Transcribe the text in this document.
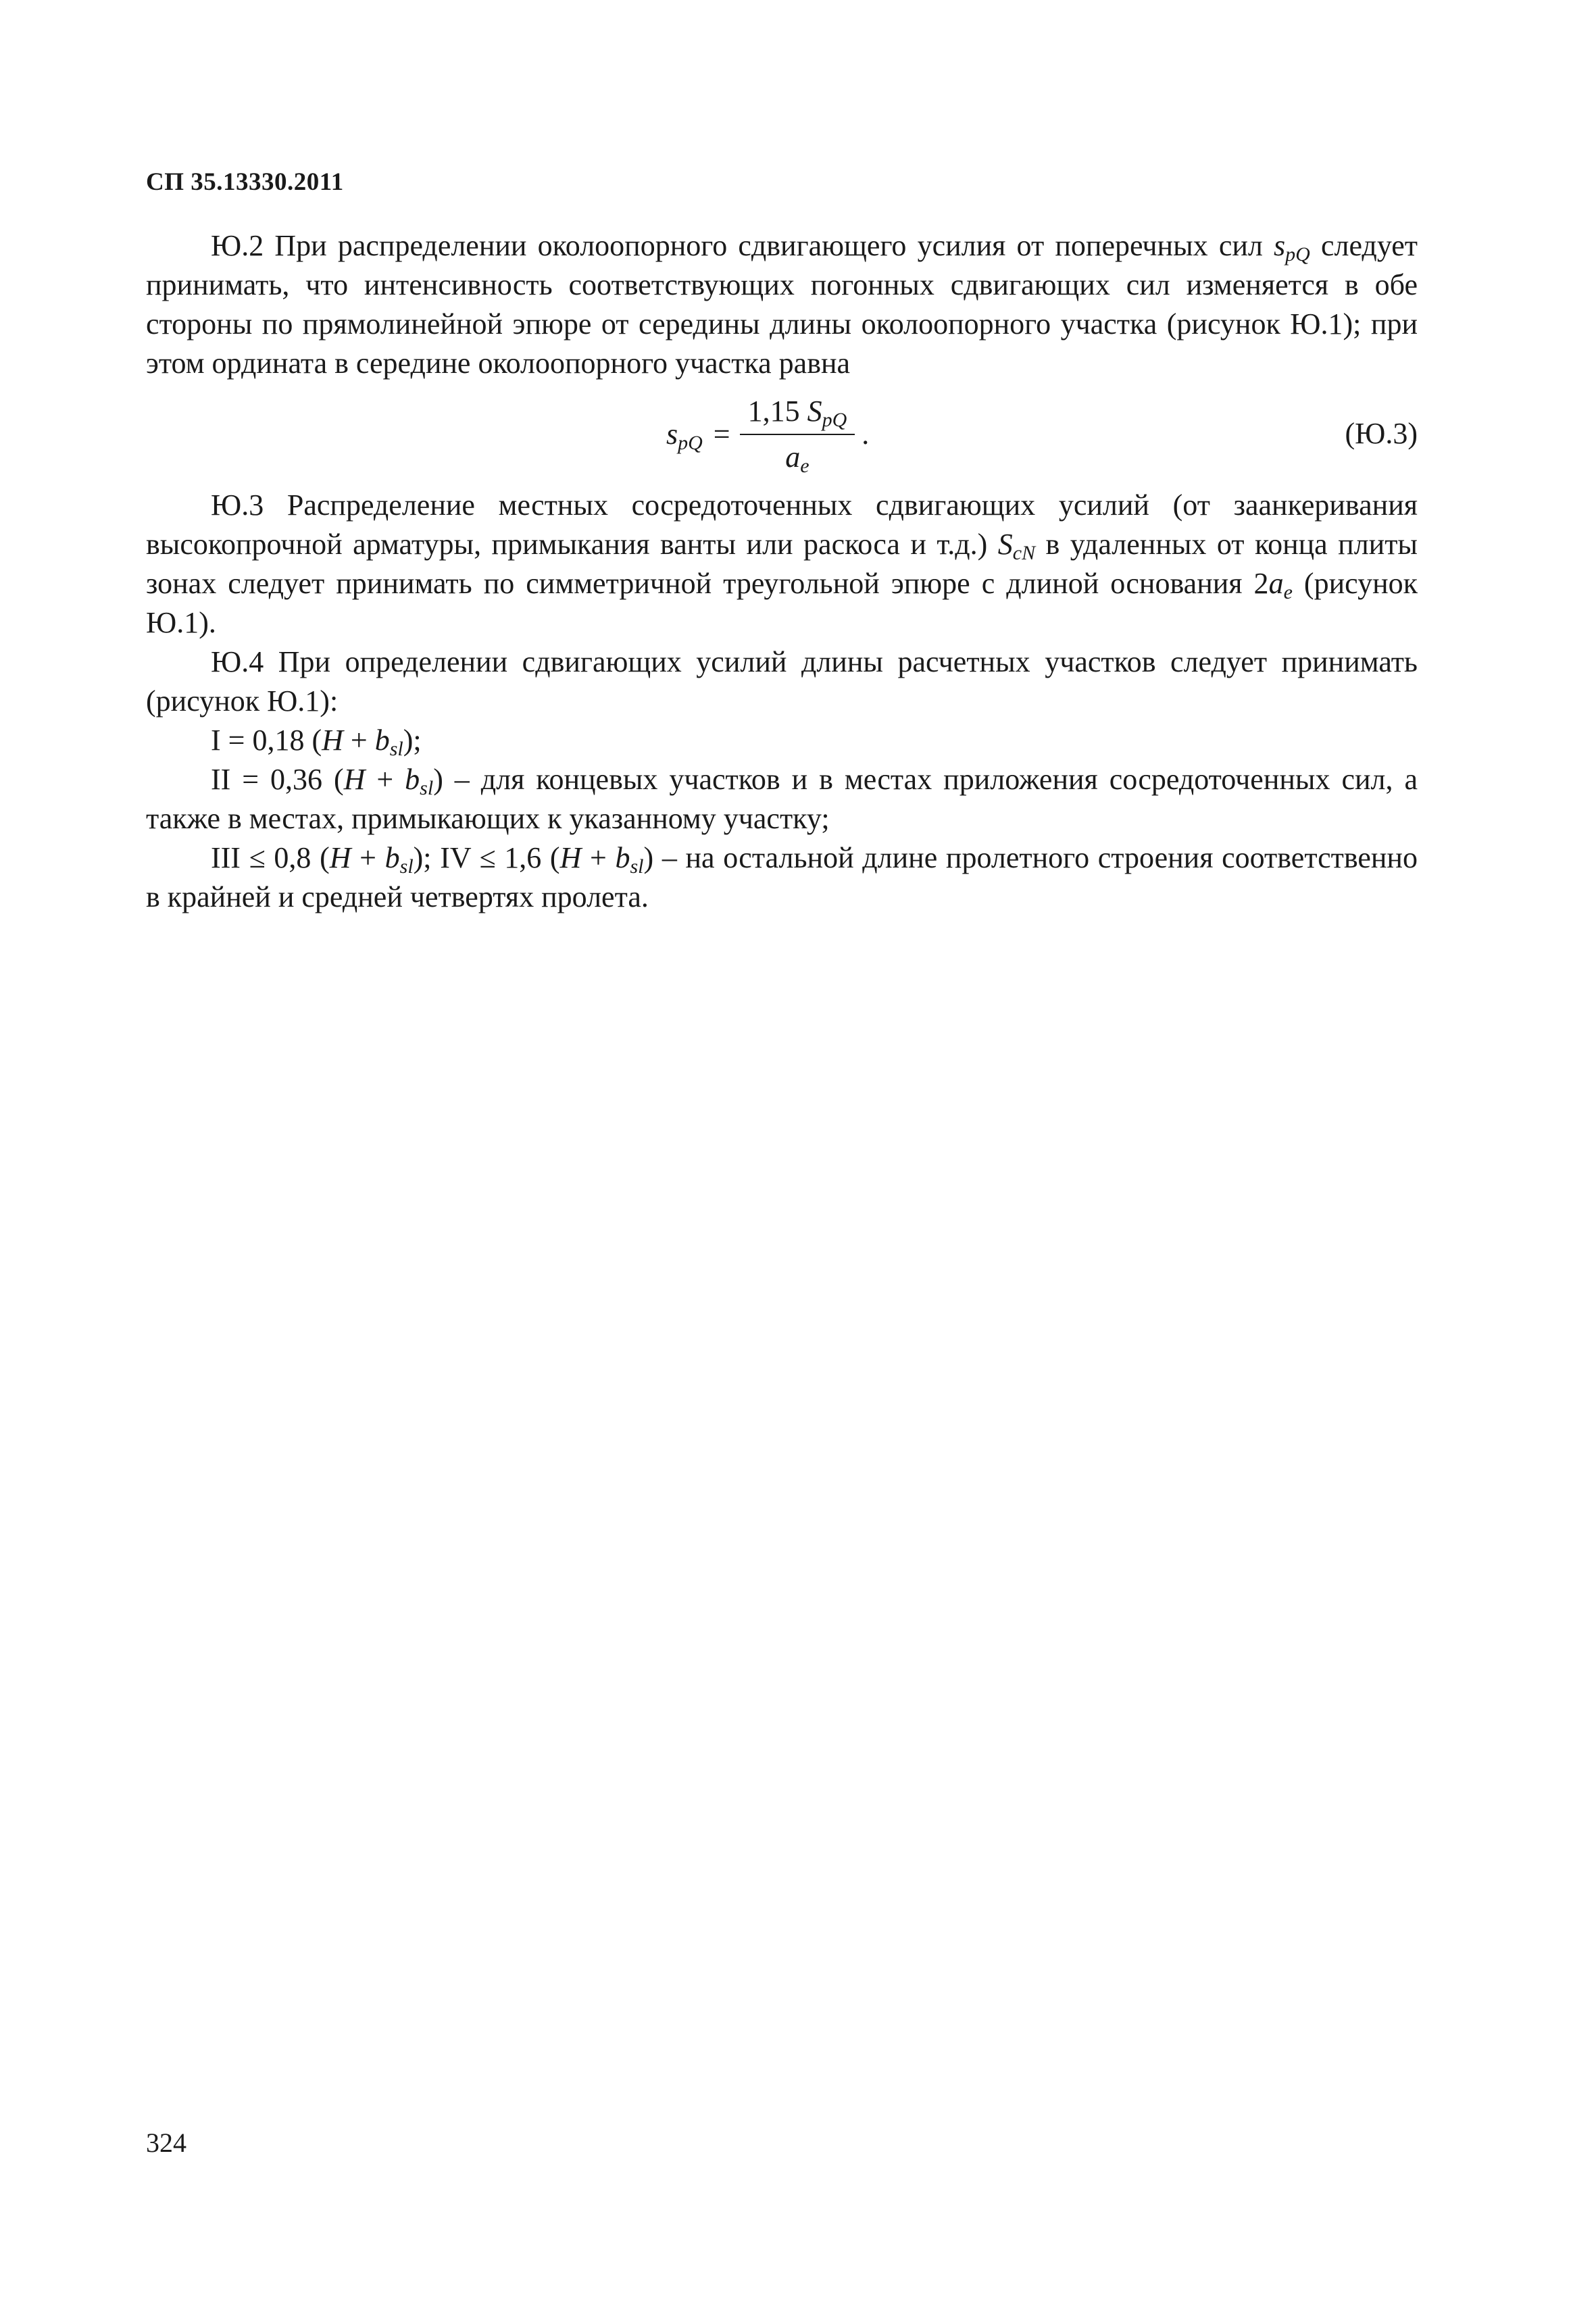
СП 35.13330.2011

Ю.2 При распределении околоопорного сдвигающего усилия от поперечных сил $s_{pQ}$ следует принимать, что интенсивность соответствующих погонных сдвигающих сил изменяется в обе стороны по прямолинейной эпюре от середины длины околоопорного участка (рисунок Ю.1); при этом ордината в середине околоопорного участка равна

$s_{pQ} = \frac{1,15 S_{pQ}}{a_e}$ .	(Ю.3)

Ю.3 Распределение местных сосредоточенных сдвигающих усилий (от заанкеривания высокопрочной арматуры, примыкания ванты или раскоса и т.д.) $S_{cN}$ в удаленных от конца плиты зонах следует принимать по симметричной треугольной эпюре с длиной основания $2a_e$ (рисунок Ю.1).

Ю.4 При определении сдвигающих усилий длины расчетных участков следует принимать (рисунок Ю.1):

I = 0,18 $(H + b_{sl})$;

II = 0,36 $(H + b_{sl})$ – для концевых участков и в местах приложения сосредоточенных сил, а также в местах, примыкающих к указанному участку;

III ≤ 0,8 $(H + b_{sl})$; IV ≤ 1,6 $(H + b_{sl})$ – на остальной длине пролетного строения соответственно в крайней и средней четвертях пролета.

324
